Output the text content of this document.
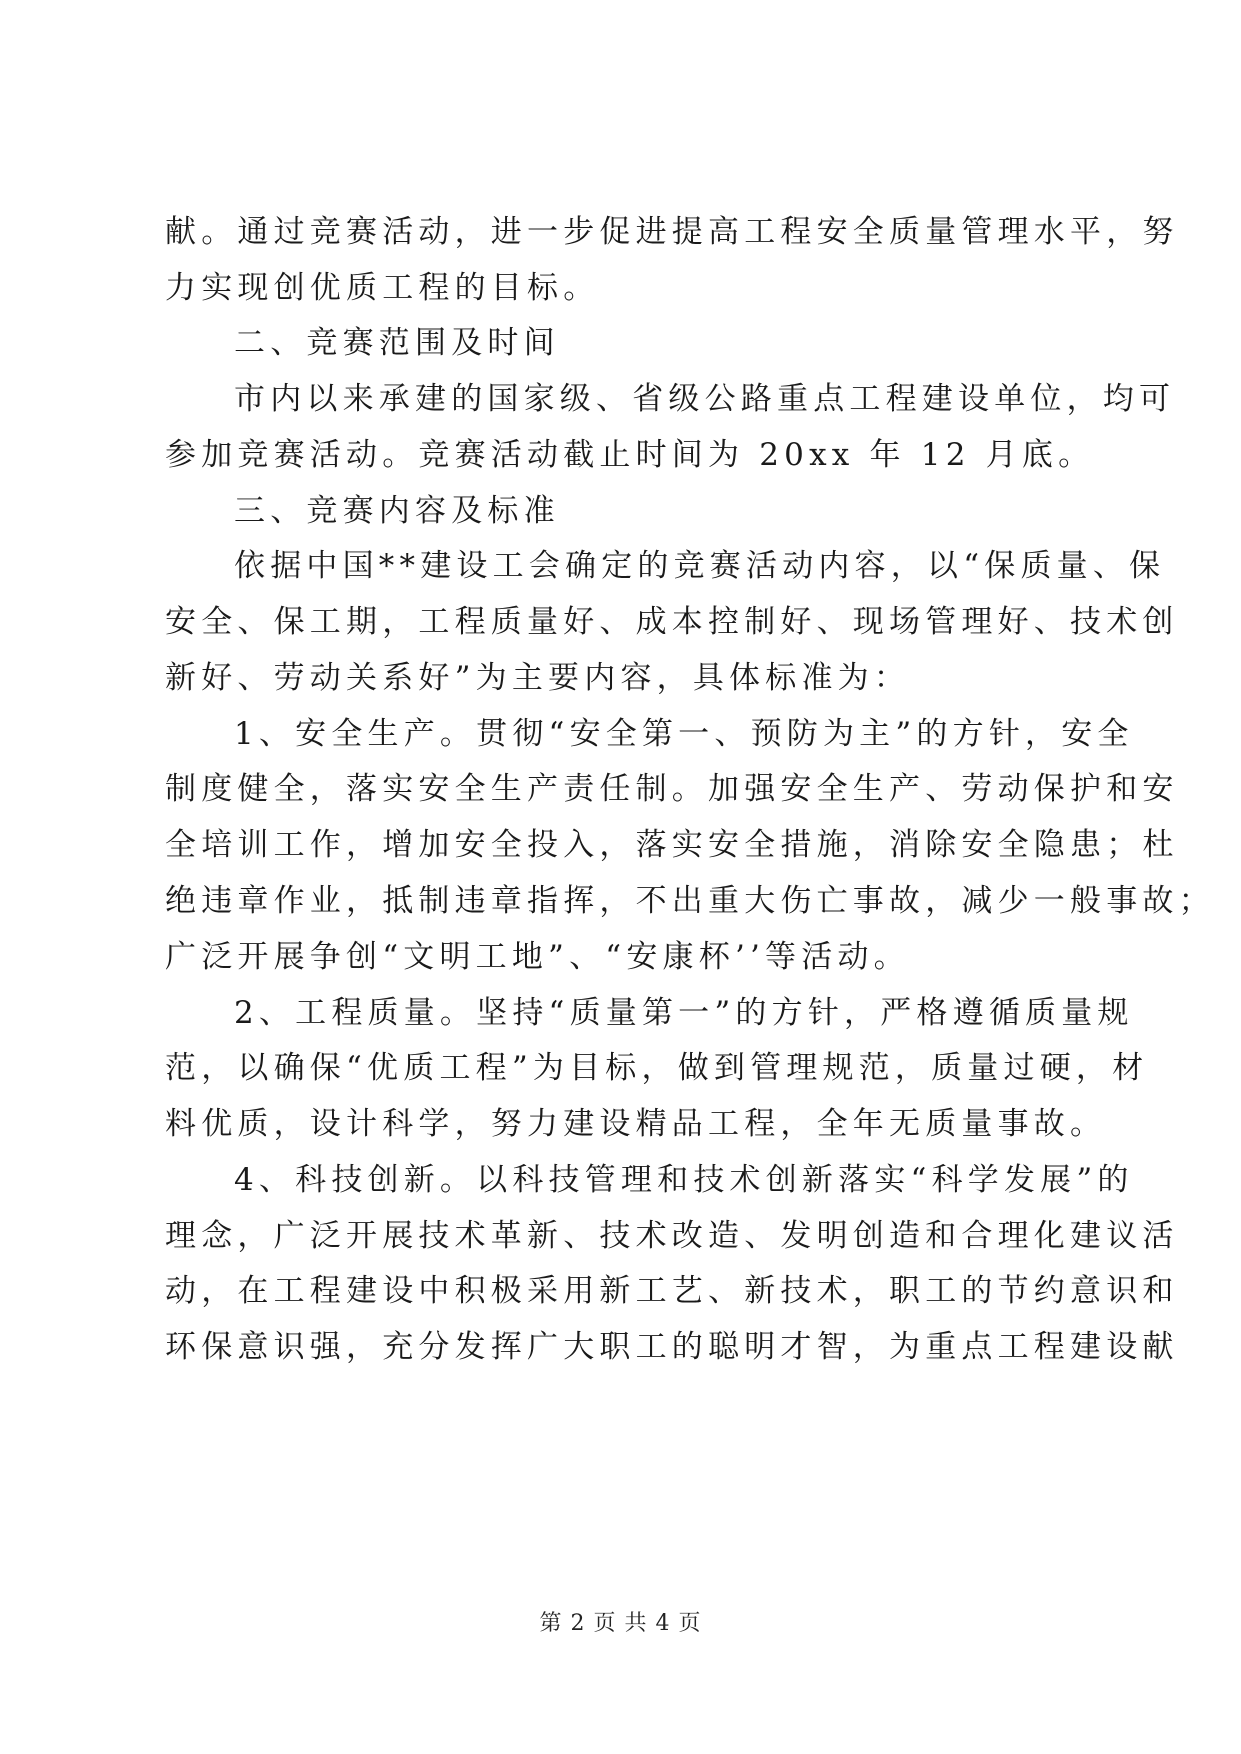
献。通过竞赛活动，进一步促进提高工程安全质量管理水平，努
力实现创优质工程的目标。
二、竞赛范围及时间
市内以来承建的国家级、省级公路重点工程建设单位，均可
参加竞赛活动。竞赛活动截止时间为 20xx 年 12 月底。
三、竞赛内容及标准
依据中国**建设工会确定的竞赛活动内容，以“保质量、保
安全、保工期，工程质量好、成本控制好、现场管理好、技术创
新好、劳动关系好”为主要内容，具体标准为：
1、安全生产。贯彻“安全第一、预防为主”的方针，安全
制度健全，落实安全生产责任制。加强安全生产、劳动保护和安
全培训工作，增加安全投入，落实安全措施，消除安全隐患；杜
绝违章作业，抵制违章指挥，不出重大伤亡事故，减少一般事故；
广泛开展争创“文明工地”、“安康杯’’等活动。
2、工程质量。坚持“质量第一”的方针，严格遵循质量规
范，以确保“优质工程”为目标，做到管理规范，质量过硬，材
料优质，设计科学，努力建设精品工程，全年无质量事故。
4、科技创新。以科技管理和技术创新落实“科学发展”的
理念，广泛开展技术革新、技术改造、发明创造和合理化建议活
动，在工程建设中积极采用新工艺、新技术，职工的节约意识和
环保意识强，充分发挥广大职工的聪明才智，为重点工程建设献
第 2 页 共 4 页
